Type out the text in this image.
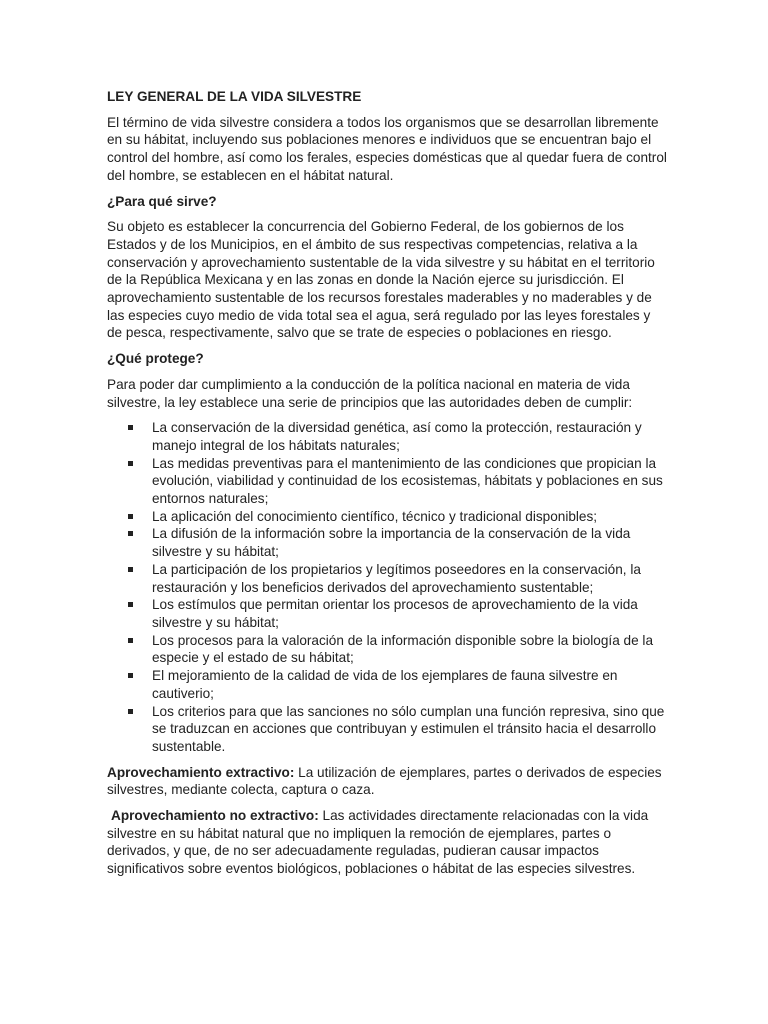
LEY GENERAL DE LA VIDA SILVESTRE

El término de vida silvestre considera a todos los organismos que se desarrollan libremente en su hábitat, incluyendo sus poblaciones menores e individuos que se encuentran bajo el control del hombre, así como los ferales, especies domésticas que al quedar fuera de control del hombre, se establecen en el hábitat natural.

¿Para qué sirve?

Su objeto es establecer la concurrencia del Gobierno Federal, de los gobiernos de los Estados y de los Municipios, en el ámbito de sus respectivas competencias, relativa a la conservación y aprovechamiento sustentable de la vida silvestre y su hábitat en el territorio de la República Mexicana y en las zonas en donde la Nación ejerce su jurisdicción. El aprovechamiento sustentable de los recursos forestales maderables y no maderables y de las especies cuyo medio de vida total sea el agua, será regulado por las leyes forestales y de pesca, respectivamente, salvo que se trate de especies o poblaciones en riesgo.

¿Qué protege?

Para poder dar cumplimiento a la conducción de la política nacional en materia de vida silvestre, la ley establece una serie de principios que las autoridades deben de cumplir:

La conservación de la diversidad genética, así como la protección, restauración y manejo integral de los hábitats naturales;
Las medidas preventivas para el mantenimiento de las condiciones que propician la evolución, viabilidad y continuidad de los ecosistemas, hábitats y poblaciones en sus entornos naturales;
La aplicación del conocimiento científico, técnico y tradicional disponibles;
La difusión de la información sobre la importancia de la conservación de la vida silvestre y su hábitat;
La participación de los propietarios y legítimos poseedores en la conservación, la restauración y los beneficios derivados del aprovechamiento sustentable;
Los estímulos que permitan orientar los procesos de aprovechamiento de la vida silvestre y su hábitat;
Los procesos para la valoración de la información disponible sobre la biología de la especie y el estado de su hábitat;
El mejoramiento de la calidad de vida de los ejemplares de fauna silvestre en cautiverio;
Los criterios para que las sanciones no sólo cumplan una función represiva, sino que se traduzcan en acciones que contribuyan y estimulen el tránsito hacia el desarrollo sustentable.

Aprovechamiento extractivo: La utilización de ejemplares, partes o derivados de especies silvestres, mediante colecta, captura o caza.

Aprovechamiento no extractivo: Las actividades directamente relacionadas con la vida silvestre en su hábitat natural que no impliquen la remoción de ejemplares, partes o derivados, y que, de no ser adecuadamente reguladas, pudieran causar impactos significativos sobre eventos biológicos, poblaciones o hábitat de las especies silvestres.
